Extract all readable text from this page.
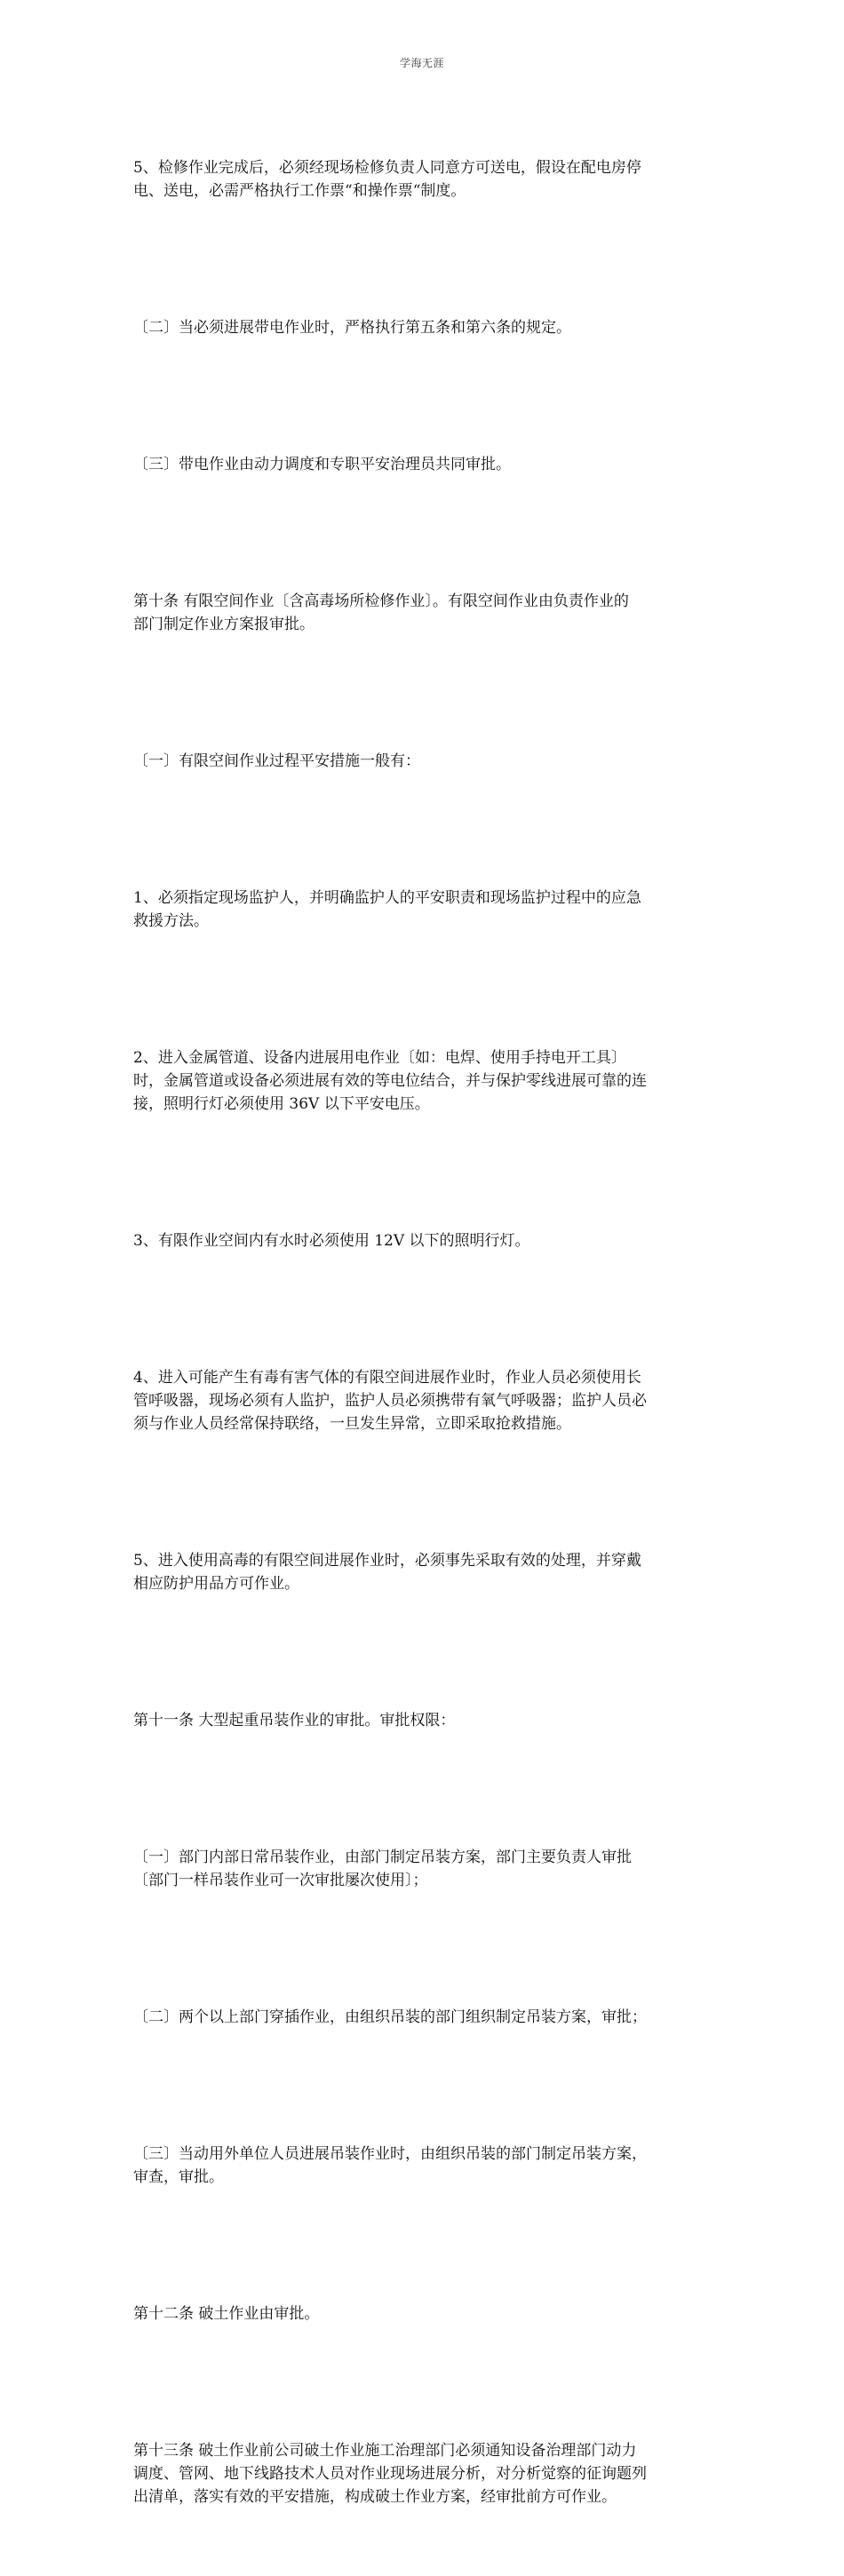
学海无涯

5、检修作业完成后，必须经现场检修负责人同意方可送电，假设在配电房停
电、送电，必需严格执行工作票“和操作票“制度。

〔二〕当必须进展带电作业时，严格执行第五条和第六条的规定。

〔三〕带电作业由动力调度和专职平安治理员共同审批。

第十条 有限空间作业〔含高毒场所检修作业〕。有限空间作业由负责作业的
部门制定作业方案报审批。

〔一〕有限空间作业过程平安措施一般有：

1、必须指定现场监护人，并明确监护人的平安职责和现场监护过程中的应急
救援方法。

2、进入金属管道、设备内进展用电作业〔如：电焊、使用手持电开工具〕
时，金属管道或设备必须进展有效的等电位结合，并与保护零线进展可靠的连
接，照明行灯必须使用 36V 以下平安电压。

3、有限作业空间内有水时必须使用 12V 以下的照明行灯。

4、进入可能产生有毒有害气体的有限空间进展作业时，作业人员必须使用长
管呼吸器，现场必须有人监护，监护人员必须携带有氧气呼吸器；监护人员必
须与作业人员经常保持联络，一旦发生异常，立即采取抢救措施。

5、进入使用高毒的有限空间进展作业时，必须事先采取有效的处理，并穿戴
相应防护用品方可作业。

第十一条 大型起重吊装作业的审批。审批权限：

〔一〕部门内部日常吊装作业，由部门制定吊装方案，部门主要负责人审批
〔部门一样吊装作业可一次审批屡次使用〕；

〔二〕两个以上部门穿插作业，由组织吊装的部门组织制定吊装方案，审批；

〔三〕当动用外单位人员进展吊装作业时，由组织吊装的部门制定吊装方案，
审查，审批。

第十二条 破土作业由审批。

第十三条 破土作业前公司破土作业施工治理部门必须通知设备治理部门动力
调度、管网、地下线路技术人员对作业现场进展分析，对分析觉察的征询题列
出清单，落实有效的平安措施，构成破土作业方案，经审批前方可作业。
